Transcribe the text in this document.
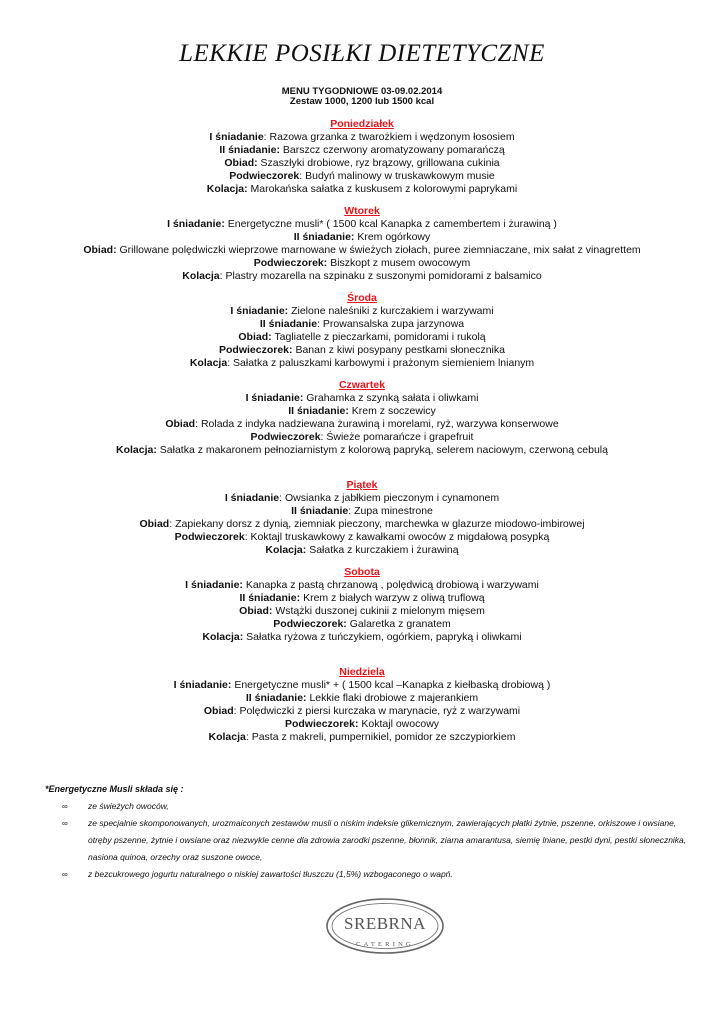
LEKKIE POSIŁKI DIETETYCZNE
MENU TYGODNIOWE 03-09.02.2014
Zestaw 1000, 1200 lub 1500 kcal
Poniedziałek
I śniadanie: Razowa grzanka z twarożkiem i wędzonym łososiem
II śniadanie: Barszcz czerwony aromatyzowany pomarańczą
Obiad: Szaszłyki drobiowe, ryz brązowy, grillowana cukinia
Podwieczorek: Budyń malinowy w truskawkowym musie
Kolacja: Marokańska sałatka z kuskusem z kolorowymi paprykami
Wtorek
I śniadanie: Energetyczne musli* ( 1500 kcal Kanapka z camembertem i żurawiną )
II śniadanie: Krem ogórkowy
Obiad: Grillowane polędwiczki wieprzowe marnowane w świeżych ziołach, puree ziemniaczane, mix sałat z vinagrettem
Podwieczorek: Biszkopt z musem owocowym
Kolacja: Plastry mozarella na szpinaku z suszonymi pomidorami z balsamico
Środa
I śniadanie: Zielone naleśniki z kurczakiem i warzywami
II śniadanie: Prowansalska zupa jarzynowa
Obiad: Tagliatelle z pieczarkami, pomidorami i rukolą
Podwieczorek: Banan z kiwi posypany pestkami słonecznika
Kolacja: Sałatka z paluszkami karbowymi i prażonym siemieniem lnianym
Czwartek
I śniadanie: Grahamka z szynką sałata i oliwkami
II śniadanie: Krem z soczewicy
Obiad: Rolada z indyka nadziewana żurawiną i morelami, ryż, warzywa konserwowe
Podwieczorek: Świeże pomarańcze i grapefruit
Kolacja: Sałatka z makaronem pełnoziarnistym z kolorową papryką, selerem naciowym, czerwoną cebulą
Piątek
I śniadanie: Owsianka z jabłkiem pieczonym i cynamonem
II śniadanie: Zupa minestrone
Obiad: Zapiekany dorsz z dynią, ziemniak pieczony, marchewka w glazurze miodowo-imbirowej
Podwieczorek: Koktajl truskawkowy z kawałkami owoców z migdałową posypką
Kolacja: Sałatka z kurczakiem i żurawiną
Sobota
I śniadanie: Kanapka z pastą chrzanową , polędwicą drobiową i warzywami
II śniadanie: Krem z białych warzyw z oliwą truflową
Obiad: Wstążki duszonej cukinii z mielonym mięsem
Podwieczorek: Galaretka z granatem
Kolacja: Sałatka ryżowa z tuńczykiem, ogórkiem, papryką i oliwkami
Niedziela
I śniadanie: Energetyczne musli* + ( 1500 kcal –Kanapka z kiełbaską drobiową )
II śniadanie: Lekkie flaki drobiowe z majerankiem
Obiad: Polędwiczki z piersi kurczaka w marynacie, ryż z warzywami
Podwieczorek: Koktajl owocowy
Kolacja: Pasta z makreli, pumpernikiel, pomidor ze szczypiorkiem
*Energetyczne Musli składa się :
∞ ze świeżych owoców,
∞ ze specjalnie skomponowanych, urozmaiconych zestawów musli o niskim indeksie glikemicznym, zawierających płatki żytnie, pszenne, orkiszowe i owsiane, otręby pszenne, żytnie i owsiane oraz niezwykle cenne dla zdrowia zarodki pszenne, błonnik, ziarna amarantusa, siemię lniane, pestki dyni, pestki słonecznika, nasiona quinoa, orzechy oraz suszone owoce,
∞ z bezcukrowego jogurtu naturalnego o niskiej zawartości tłuszczu (1,5%) wzbogaconego o wapń.
SREBRNA
CATERING
